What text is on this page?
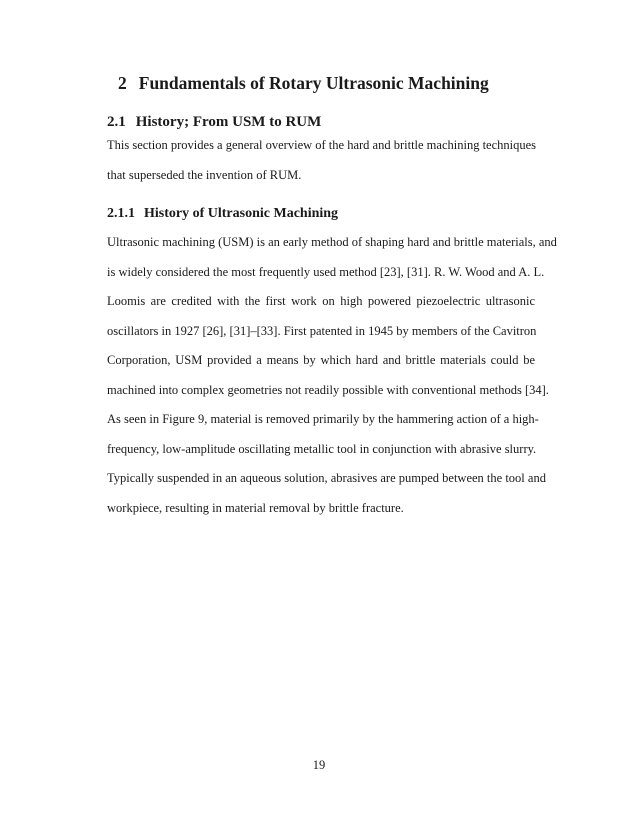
2 Fundamentals of Rotary Ultrasonic Machining
2.1 History; From USM to RUM
This section provides a general overview of the hard and brittle machining techniques
that superseded the invention of RUM.
2.1.1 History of Ultrasonic Machining
Ultrasonic machining (USM) is an early method of shaping hard and brittle materials, and
is widely considered the most frequently used method [23], [31]. R. W. Wood and A. L.
Loomis are credited with the first work on high powered piezoelectric ultrasonic
oscillators in 1927 [26], [31]–[33]. First patented in 1945 by members of the Cavitron
Corporation, USM provided a means by which hard and brittle materials could be
machined into complex geometries not readily possible with conventional methods [34].
As seen in Figure 9, material is removed primarily by the hammering action of a high-
frequency, low-amplitude oscillating metallic tool in conjunction with abrasive slurry.
Typically suspended in an aqueous solution, abrasives are pumped between the tool and
workpiece, resulting in material removal by brittle fracture.
19
